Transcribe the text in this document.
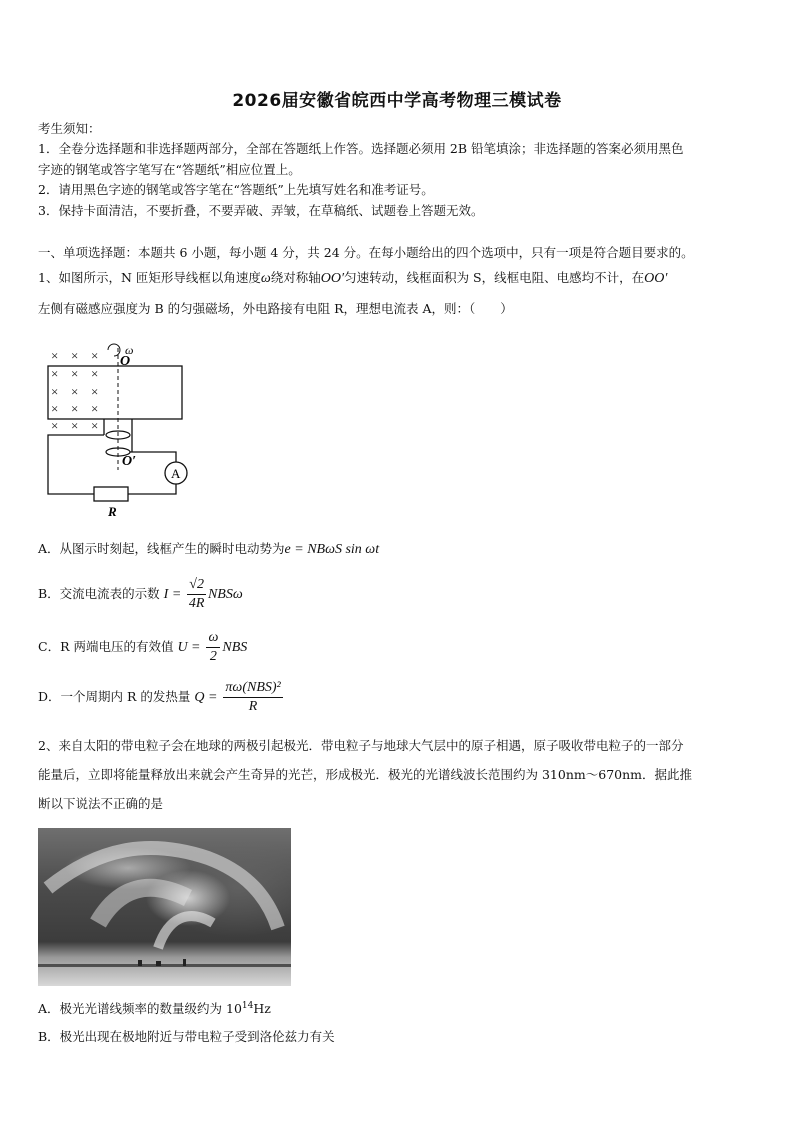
2026届安徽省皖西中学高考物理三模试卷
考生须知：
1．全卷分选择题和非选择题两部分，全部在答题纸上作答。选择题必须用 2B 铅笔填涂；非选择题的答案必须用黑色
字迹的钢笔或答字笔写在“答题纸”相应位置上。
2．请用黑色字迹的钢笔或答字笔在“答题纸”上先填写姓名和准考证号。
3．保持卡面清洁，不要折叠，不要弄破、弄皱，在草稿纸、试题卷上答题无效。
一、单项选择题：本题共 6 小题，每小题 4 分，共 24 分。在每小题给出的四个选项中，只有一项是符合题目要求的。
1、如图所示，N 匝矩形导线框以角速度ω绕对称轴OO′匀速转动，线框面积为 S，线框电阻、电感均不计，在OO′
左侧有磁感应强度为 B 的匀强磁场，外电路接有电阻 R，理想电流表 A，则：（　　）
× × ×
× × ×
× × ×
× × ×
× × ×
ω
O
O′
A
R
A．从图示时刻起，线框产生的瞬时电动势为e = NBωS sin ωt
B．交流电流表的示数 $I = \frac{√2}{4R}$ NBSω
C．R 两端电压的有效值 $U = \frac{\omega}{2}$ NBS
D．一个周期内 R 的发热量 $Q = \frac{\text{πω(NBS)²}}{R}$
2、来自太阳的带电粒子会在地球的两极引起极光．带电粒子与地球大气层中的原子相遇，原子吸收带电粒子的一部分
能量后，立即将能量释放出来就会产生奇异的光芒，形成极光．极光的光谱线波长范围约为 310nm～670nm．据此推
断以下说法不正确的是
A．极光光谱线频率的数量级约为 $10^{14}Hz$
B．极光出现在极地附近与带电粒子受到洛伦兹力有关
